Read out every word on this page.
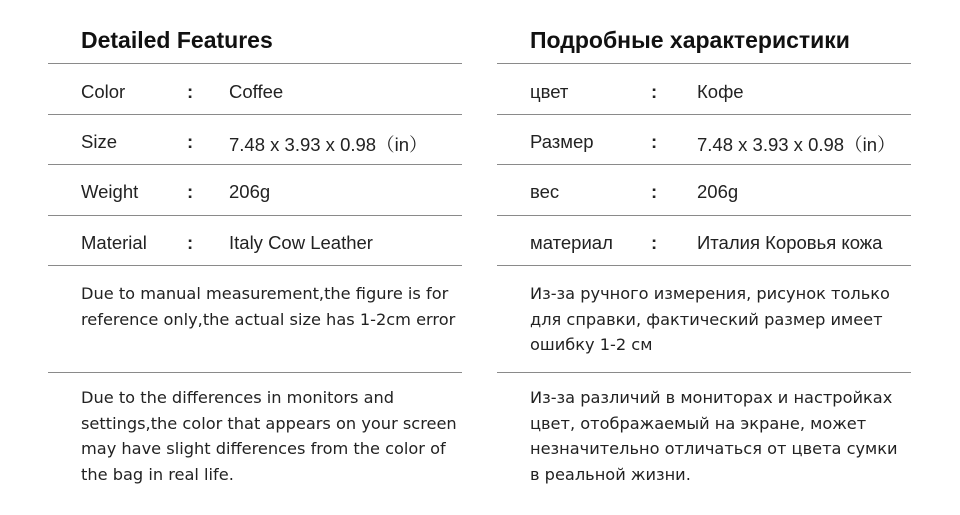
Detailed Features
Color	: Coffee
Size	: 7.48 x 3.93 x 0.98（in）
Weight	: 206g
Material : Italy Cow Leather
Due to manual measurement,the figure is for reference only,the actual size has 1-2cm error
Due to the differences in monitors and settings,the color that appears on your screen may have slight differences from the color of the bag in real life.
Подробные характеристики
цвет	: Кофе
Размер	: 7.48 x 3.93 x 0.98（in）
вес	: 206g
материал : Италия Коровья кожа
Из-за ручного измерения, рисунок только для справки, фактический размер имеет ошибку 1-2 см
Из-за различий в мониторах и настройках цвет, отображаемый на экране, может незначительно отличаться от цвета сумки в реальной жизни.
